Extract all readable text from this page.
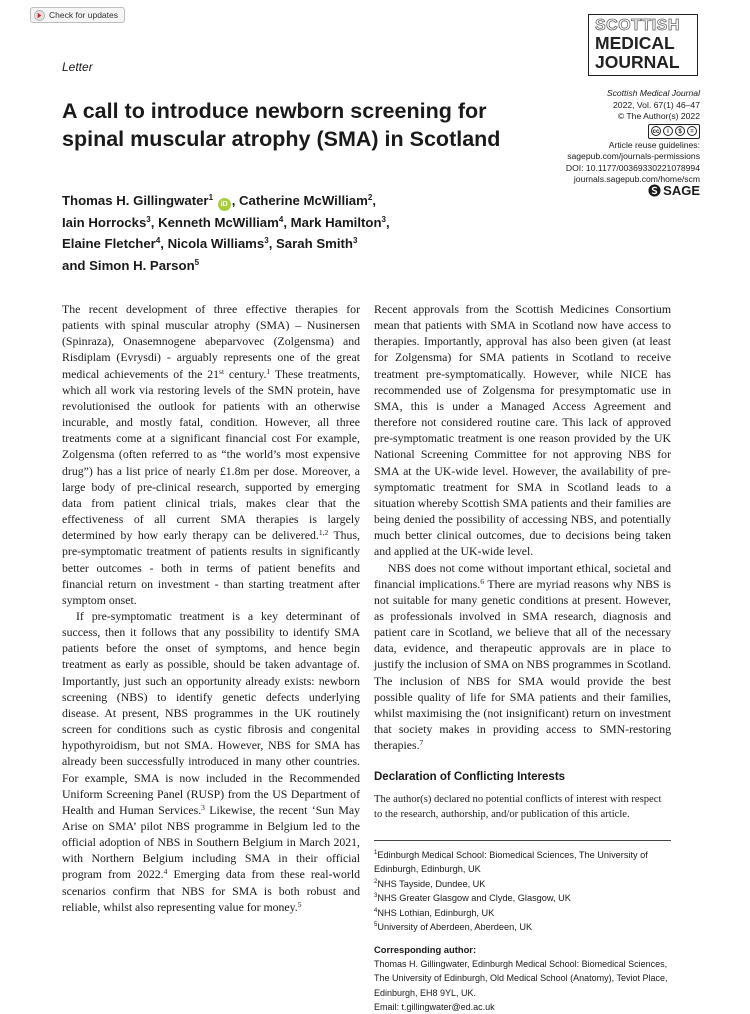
Check for updates
SCOTTISH
MEDICAL
JOURNAL
Letter
A call to introduce newborn screening for spinal muscular atrophy (SMA) in Scotland
Scottish Medical Journal
2022, Vol. 67(1) 46–47
© The Author(s) 2022
cc	i	$	=
Article reuse guidelines:
sagepub.com/journals-permissions
DOI: 10.1177/00369330221078994
journals.sagepub.com/home/scm
SAGE
Thomas H. Gillingwater$^1$ iD , Catherine McWilliam$^2$,
Iain Horrocks$^3$, Kenneth McWilliam$^4$, Mark Hamilton$^3$,
Elaine Fletcher$^4$, Nicola Williams$^3$, Sarah Smith$^3$
and Simon H. Parson$^5$

The recent development of three effective therapies for patients with spinal muscular atrophy (SMA) – Nusinersen (Spinraza), Onasemnogene abeparvovec (Zolgensma) and Risdiplam (Evrysdi) - arguably represents one of the great medical achievements of the 21st century.$^1$ These treatments, which all work via restoring levels of the SMN protein, have revolutionised the outlook for patients with an otherwise incurable, and mostly fatal, condition. However, all three treatments come at a significant financial cost For example, Zolgensma (often referred to as “the world’s most expensive drug”) has a list price of nearly £1.8m per dose. Moreover, a large body of pre-clinical research, supported by emerging data from patient clinical trials, makes clear that the effectiveness of all current SMA therapies is largely determined by how early therapy can be delivered.$^{1,2}$ Thus, pre-symptomatic treatment of patients results in significantly better outcomes - both in terms of patient benefits and financial return on investment - than starting treatment after symptom onset.

If pre-symptomatic treatment is a key determinant of success, then it follows that any possibility to identify SMA patients before the onset of symptoms, and hence begin treatment as early as possible, should be taken advantage of. Importantly, just such an opportunity already exists: newborn screening (NBS) to identify genetic defects underlying disease. At present, NBS programmes in the UK routinely screen for conditions such as cystic fibrosis and congenital hypothyroidism, but not SMA. However, NBS for SMA has already been successfully introduced in many other countries. For example, SMA is now included in the Recommended Uniform Screening Panel (RUSP) from the US Department of Health and Human Services.$^3$ Likewise, the recent ‘Sun May Arise on SMA’ pilot NBS programme in Belgium led to the official adoption of NBS in Southern Belgium in March 2021, with Northern Belgium including SMA in their official program from 2022.$^4$ Emerging data from these real-world scenarios confirm that NBS for SMA is both robust and reliable, whilst also representing value for money.$^5$

Recent approvals from the Scottish Medicines Consortium mean that patients with SMA in Scotland now have access to therapies. Importantly, approval has also been given (at least for Zolgensma) for SMA patients in Scotland to receive treatment pre-symptomatically. However, while NICE has recommended use of Zolgensma for presymptomatic use in SMA, this is under a Managed Access Agreement and therefore not considered routine care. This lack of approved pre-symptomatic treatment is one reason provided by the UK National Screening Committee for not approving NBS for SMA at the UK-wide level. However, the availability of pre-symptomatic treatment for SMA in Scotland leads to a situation whereby Scottish SMA patients and their families are being denied the possibility of accessing NBS, and potentially much better clinical outcomes, due to decisions being taken and applied at the UK-wide level.

NBS does not come without important ethical, societal and financial implications.$^6$ There are myriad reasons why NBS is not suitable for many genetic conditions at present. However, as professionals involved in SMA research, diagnosis and patient care in Scotland, we believe that all of the necessary data, evidence, and therapeutic approvals are in place to justify the inclusion of SMA on NBS programmes in Scotland. The inclusion of NBS for SMA would provide the best possible quality of life for SMA patients and their families, whilst maximising the (not insignificant) return on investment that society makes in providing access to SMN-restoring therapies.$^7$

Declaration of Conflicting Interests
The author(s) declared no potential conflicts of interest with respect to the research, authorship, and/or publication of this article.
$^1$Edinburgh Medical School: Biomedical Sciences, The University of Edinburgh, Edinburgh, UK
$^2$NHS Tayside, Dundee, UK
$^3$NHS Greater Glasgow and Clyde, Glasgow, UK
$^4$NHS Lothian, Edinburgh, UK
$^5$University of Aberdeen, Aberdeen, UK
Corresponding author:
Thomas H. Gillingwater, Edinburgh Medical School: Biomedical Sciences, The University of Edinburgh, Old Medical School (Anatomy), Teviot Place, Edinburgh, EH8 9YL, UK.
Email: t.gillingwater@ed.ac.uk
